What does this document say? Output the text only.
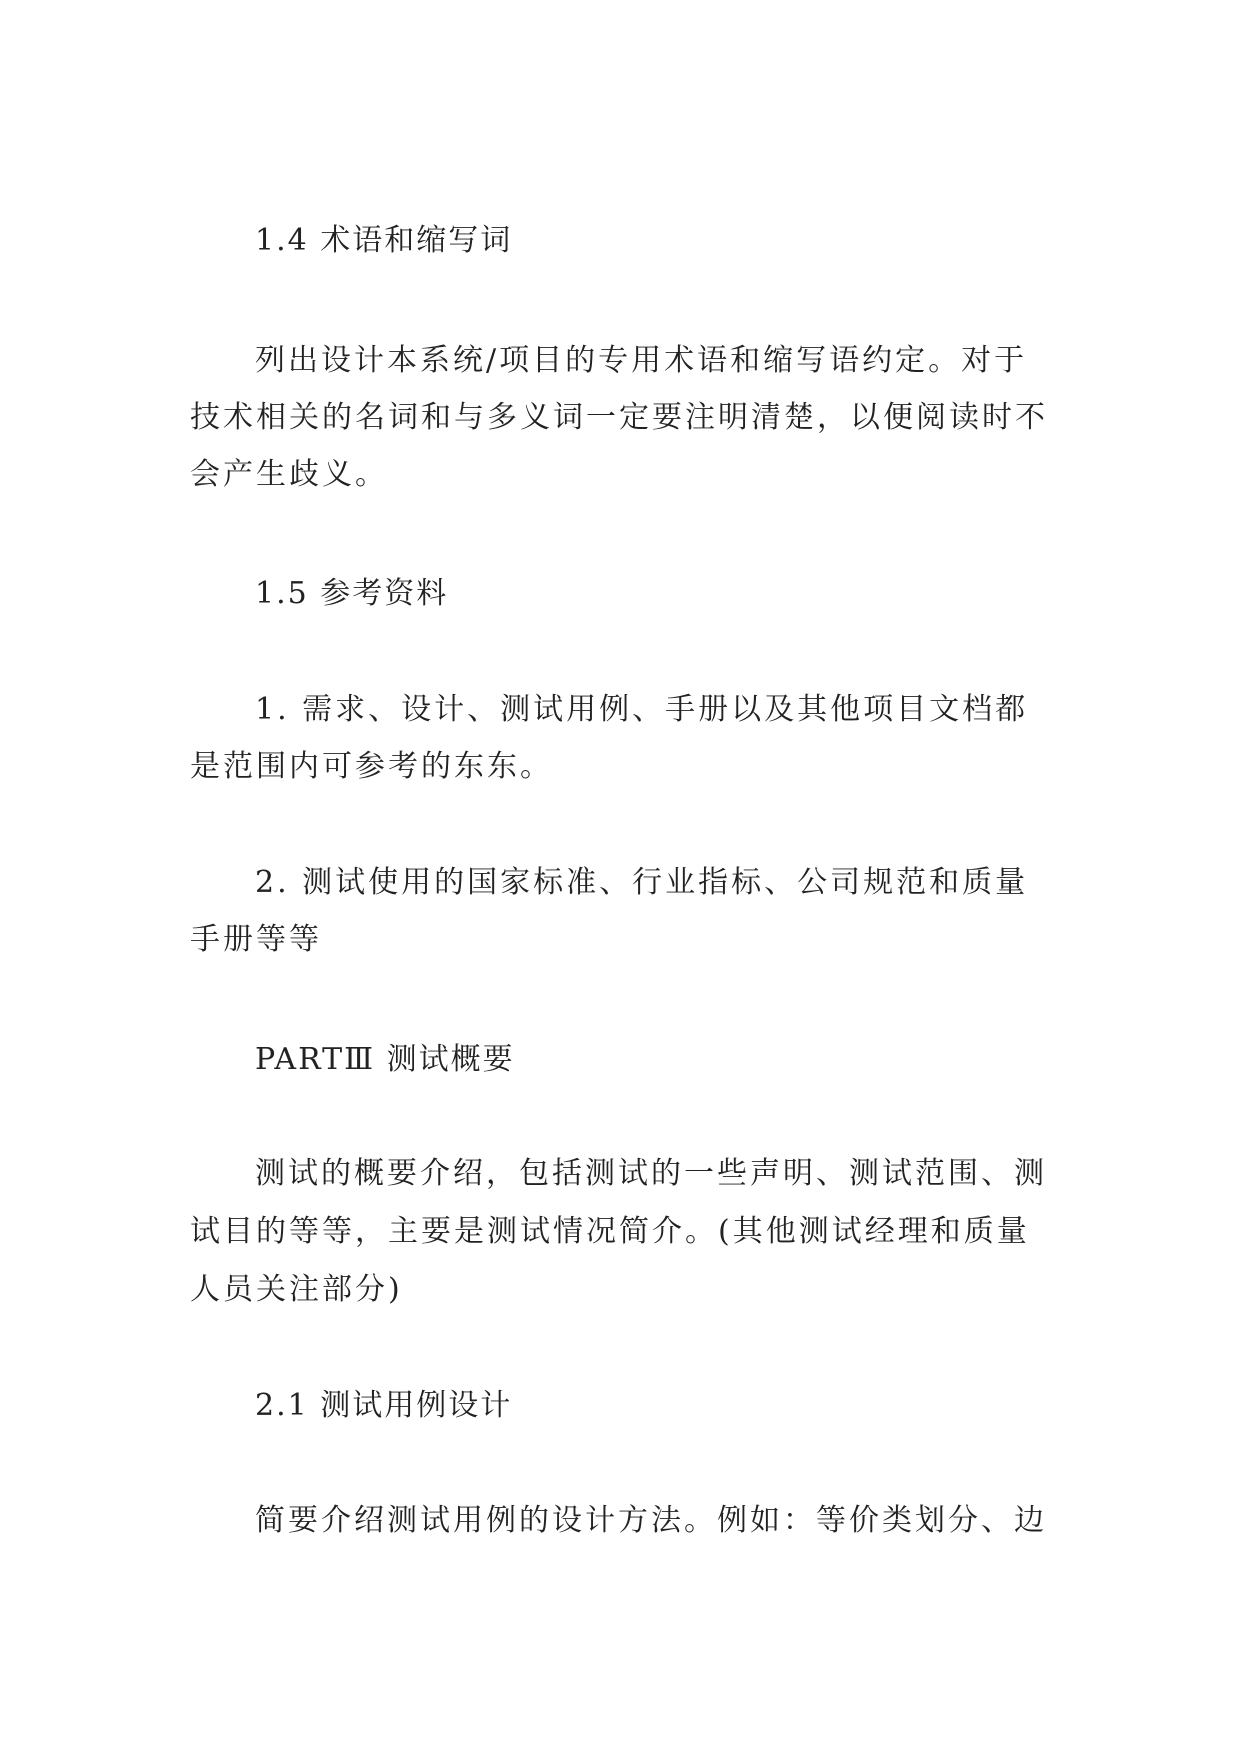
1.4 术语和缩写词
列出设计本系统/项目的专用术语和缩写语约定。对于
技术相关的名词和与多义词一定要注明清楚，以便阅读时不
会产生歧义。
1.5 参考资料
1. 需求、设计、测试用例、手册以及其他项目文档都
是范围内可参考的东东。
2. 测试使用的国家标准、行业指标、公司规范和质量
手册等等
PARTⅢ 测试概要
测试的概要介绍，包括测试的一些声明、测试范围、测
试目的等等，主要是测试情况简介。(其他测试经理和质量
人员关注部分)
2.1 测试用例设计
简要介绍测试用例的设计方法。例如：等价类划分、边
